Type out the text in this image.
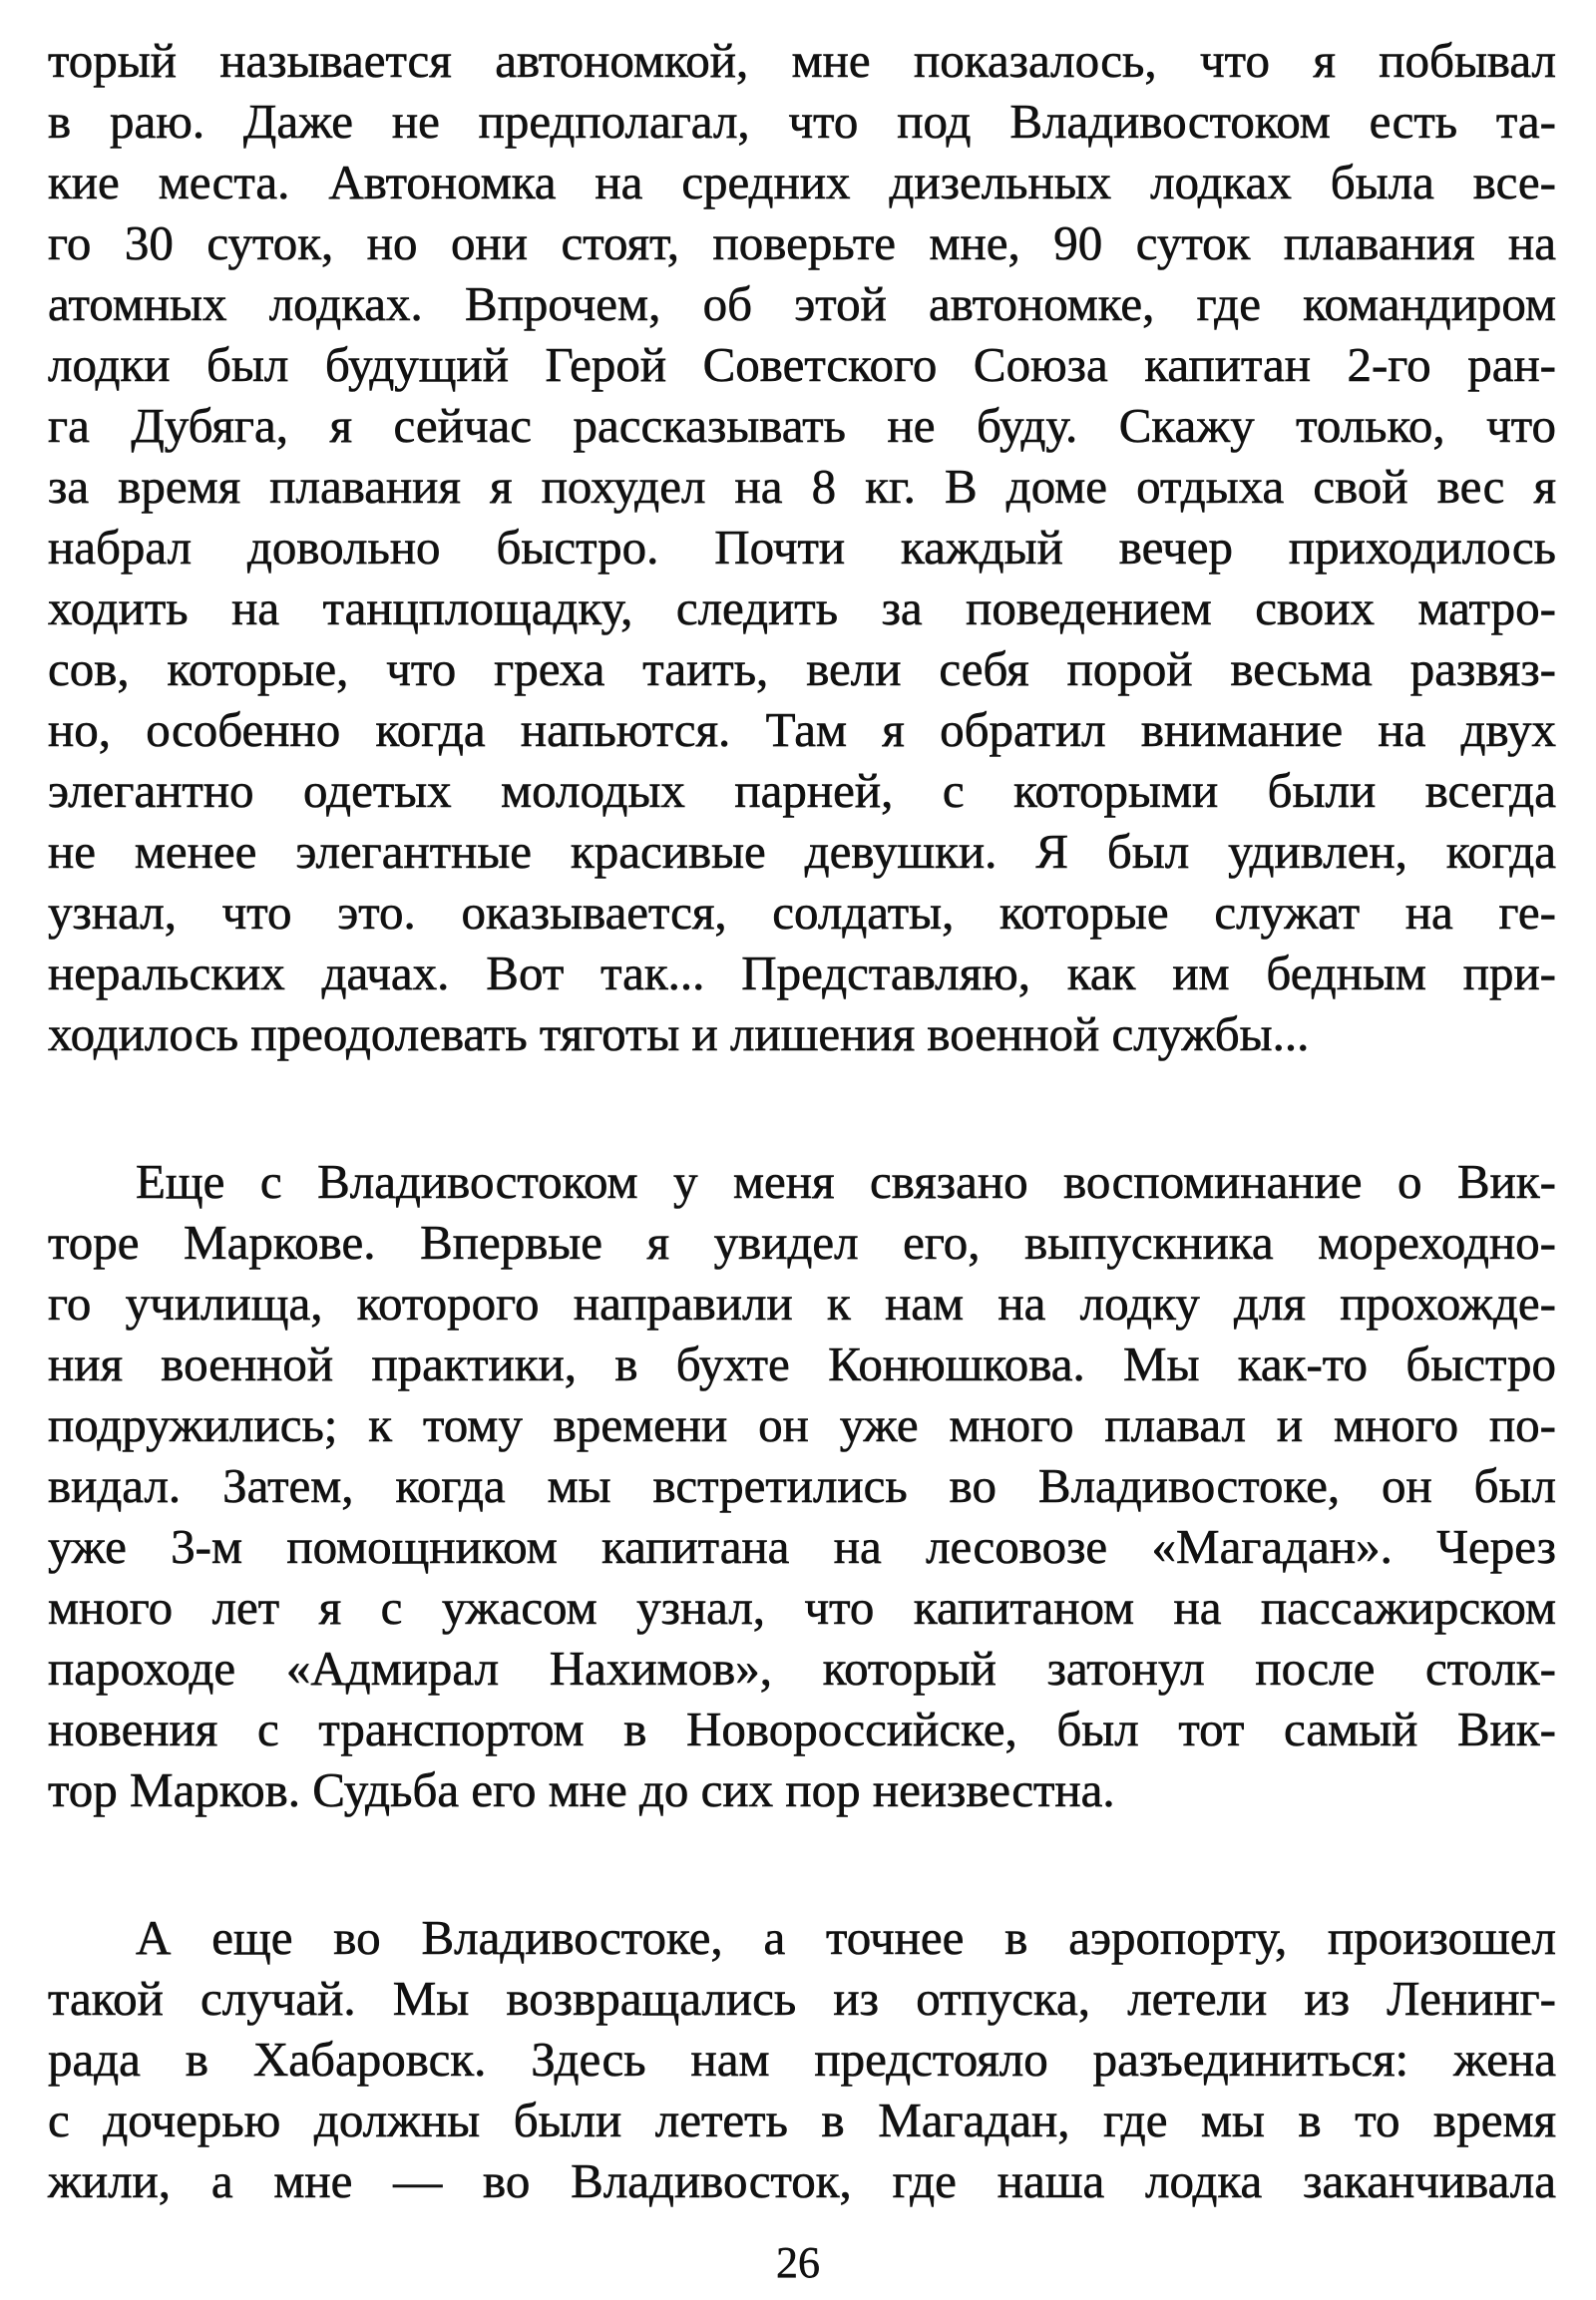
торый называется автономкой, мне показалось, что я побывал
в раю. Даже не предполагал, что под Владивостоком есть та-
кие места. Автономка на средних дизельных лодках была все-
го 30 суток, но они стоят, поверьте мне, 90 суток плавания на
атомных лодках. Впрочем, об этой автономке, где командиром
лодки был будущий Герой Советского Союза капитан 2-го ран-
га Дубяга, я сейчас рассказывать не буду. Скажу только, что
за время плавания я похудел на 8 кг. В доме отдыха свой вес я
набрал довольно быстро. Почти каждый вечер приходилось
ходить на танцплощадку, следить за поведением своих матро-
сов, которые, что греха таить, вели себя порой весьма развяз-
но, особенно когда напьются. Там я обратил внимание на двух
элегантно одетых молодых парней, с которыми были всегда
не менее элегантные красивые девушки. Я был удивлен, когда
узнал, что это. оказывается, солдаты, которые служат на ге-
неральских дачах. Вот так... Представляю, как им бедным при-
ходилось преодолевать тяготы и лишения военной службы...
Еще с Владивостоком у меня связано воспоминание о Вик-
торе Маркове. Впервые я увидел его, выпускника мореходно-
го училища, которого направили к нам на лодку для прохожде-
ния военной практики, в бухте Конюшкова. Мы как-то быстро
подружились; к тому времени он уже много плавал и много по-
видал. Затем, когда мы встретились во Владивостоке, он был
уже 3-м помощником капитана на лесовозе «Магадан». Через
много лет я с ужасом узнал, что капитаном на пассажирском
пароходе «Адмирал Нахимов», который затонул после столк-
новения с транспортом в Новороссийске, был тот самый Вик-
тор Марков. Судьба его мне до сих пор неизвестна.
А еще во Владивостоке, а точнее в аэропорту, произошел
такой случай. Мы возвращались из отпуска, летели из Ленинг-
рада в Хабаровск. Здесь нам предстояло разъединиться: жена
с дочерью должны были лететь в Магадан, где мы в то время
жили, а мне — во Владивосток, где наша лодка заканчивала
26
